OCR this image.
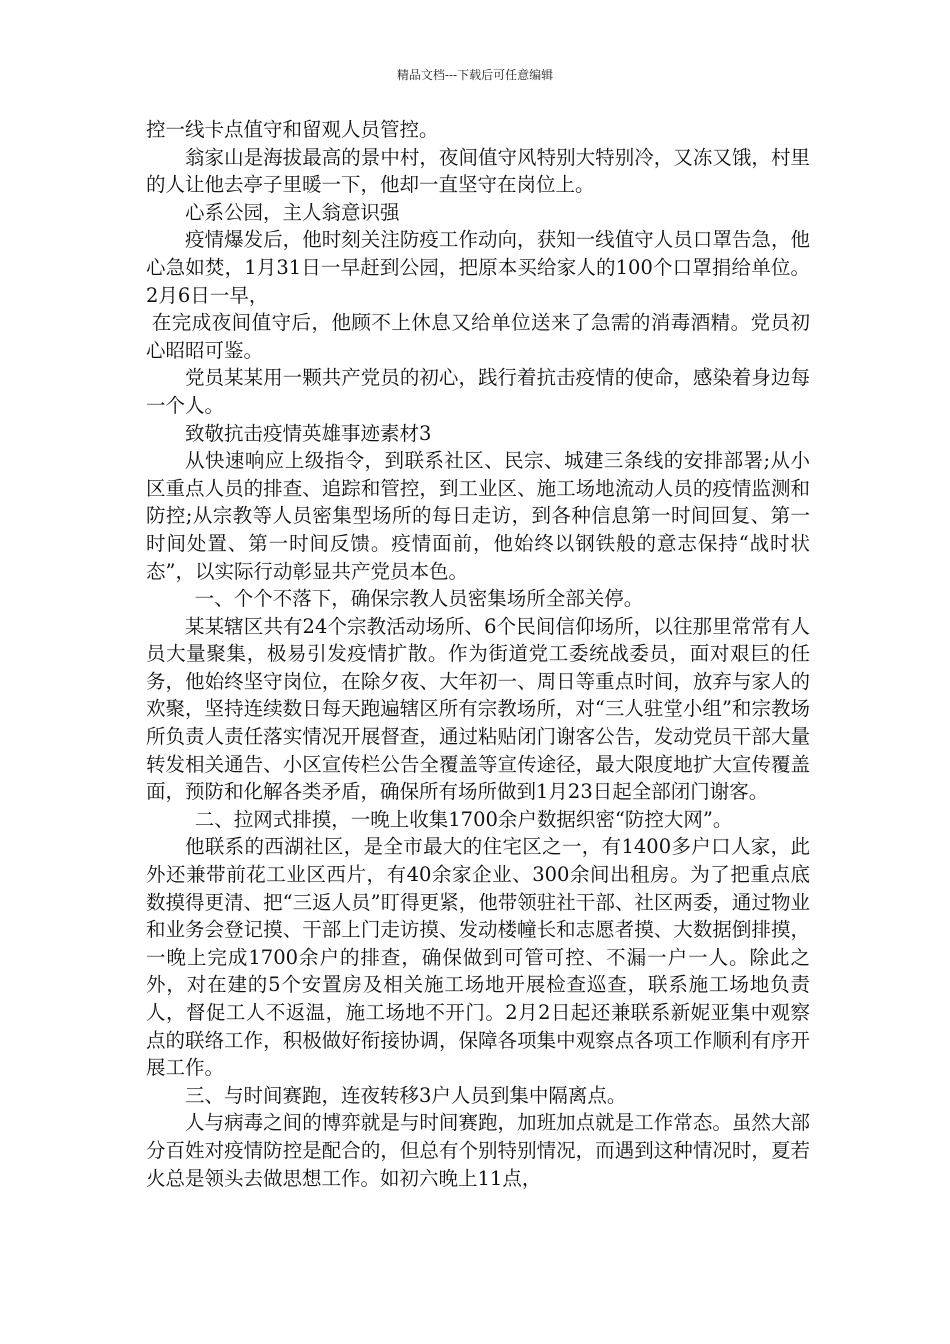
精品文档---下载后可任意编辑

控一线卡点值守和留观人员管控。

翁家山是海拔最高的景中村，夜间值守风特别大特别冷，又冻又饿，村里的人让他去亭子里暖一下，他却一直坚守在岗位上。

心系公园，主人翁意识强

疫情爆发后，他时刻关注防疫工作动向，获知一线值守人员口罩告急，他心急如焚，1月31日一早赶到公园，把原本买给家人的100个口罩捐给单位。2月6日一早，

在完成夜间值守后，他顾不上休息又给单位送来了急需的消毒酒精。党员初心昭昭可鉴。

党员某某用一颗共产党员的初心，践行着抗击疫情的使命，感染着身边每一个人。

致敬抗击疫情英雄事迹素材3

从快速响应上级指令，到联系社区、民宗、城建三条线的安排部署;从小区重点人员的排查、追踪和管控，到工业区、施工场地流动人员的疫情监测和防控;从宗教等人员密集型场所的每日走访，到各种信息第一时间回复、第一时间处置、第一时间反馈。疫情面前，他始终以钢铁般的意志保持“战时状态”，以实际行动彰显共产党员本色。

一、个个不落下，确保宗教人员密集场所全部关停。

某某辖区共有24个宗教活动场所、6个民间信仰场所，以往那里常常有人员大量聚集，极易引发疫情扩散。作为街道党工委统战委员，面对艰巨的任务，他始终坚守岗位，在除夕夜、大年初一、周日等重点时间，放弃与家人的欢聚，坚持连续数日每天跑遍辖区所有宗教场所，对“三人驻堂小组”和宗教场所负责人责任落实情况开展督查，通过粘贴闭门谢客公告，发动党员干部大量转发相关通告、小区宣传栏公告全覆盖等宣传途径，最大限度地扩大宣传覆盖面，预防和化解各类矛盾，确保所有场所做到1月23日起全部闭门谢客。

二、拉网式排摸，一晚上收集1700余户数据织密“防控大网”。

他联系的西湖社区，是全市最大的住宅区之一，有1400多户口人家，此外还兼带前花工业区西片，有40余家企业、300余间出租房。为了把重点底数摸得更清、把“三返人员”盯得更紧，他带领驻社干部、社区两委，通过物业和业务会登记摸、干部上门走访摸、发动楼幢长和志愿者摸、大数据倒排摸，一晚上完成1700余户的排查，确保做到可管可控、不漏一户一人。除此之外，对在建的5个安置房及相关施工场地开展检查巡查，联系施工场地负责人，督促工人不返温，施工场地不开门。2月2日起还兼联系新妮亚集中观察点的联络工作，积极做好衔接协调，保障各项集中观察点各项工作顺利有序开展工作。

三、与时间赛跑，连夜转移3户人员到集中隔离点。

人与病毒之间的博弈就是与时间赛跑，加班加点就是工作常态。虽然大部分百姓对疫情防控是配合的，但总有个别特别情况，而遇到这种情况时，夏若火总是领头去做思想工作。如初六晚上11点，
